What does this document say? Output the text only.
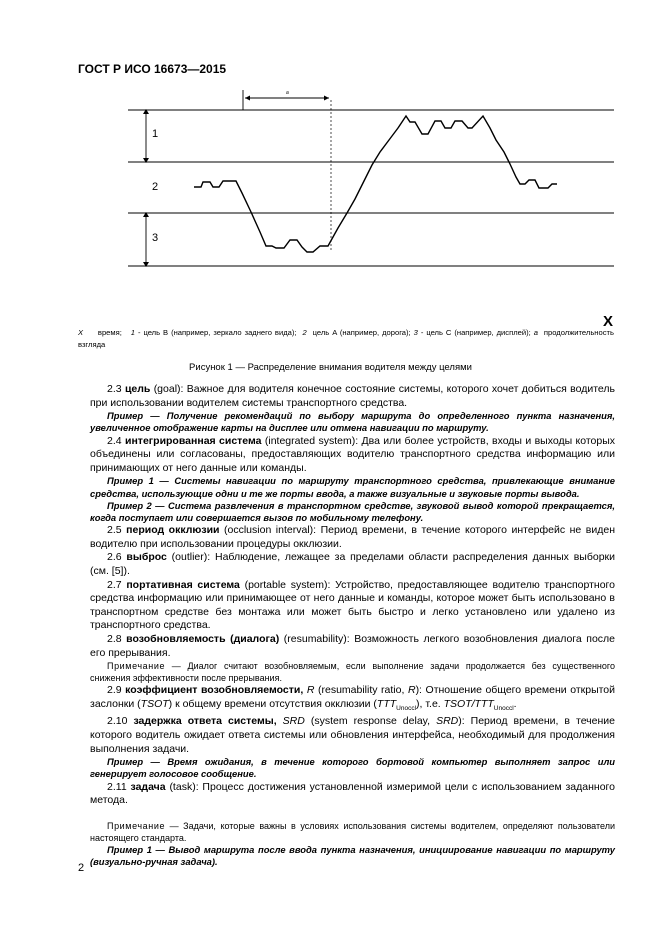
ГОСТ Р ИСО 16673—2015
1
2
3
a
X
X время; 1 - цель B (например, зеркало заднего вида); 2 цель A (например, дорога); 3 - цель C (например, дисплей); a продолжительность взгляда
Рисунок 1 — Распределение внимания водителя между целями

2.3 цель (goal): Важное для водителя конечное состояние системы, которого хочет добиться водитель при использовании водителем системы транспортного средства.

Пример — Получение рекомендаций по выбору маршрута до определенного пункта назначения, увеличенное отображение карты на дисплее или отмена навигации по маршруту.

2.4 интегрированная система (integrated system): Два или более устройств, входы и выходы которых объединены или согласованы, предоставляющих водителю транспортного средства информацию или принимающих от него данные или команды.

Пример 1 — Системы навигации по маршруту транспортного средства, привлекающие внимание средства, использующие одни и те же порты ввода, а также визуальные и звуковые порты вывода.

Пример 2 — Система развлечения в транспортном средстве, звуковой вывод которой прекращается, когда поступает или совершается вызов по мобильному телефону.

2.5 период окклюзии (occlusion interval): Период времени, в течение которого интерфейс не виден водителю при использовании процедуры окклюзии.

2.6 выброс (outlier): Наблюдение, лежащее за пределами области распределения данных выборки (см. [5]).

2.7 портативная система (portable system): Устройство, предоставляющее водителю транспортного средства информацию или принимающее от него данные и команды, которое может быть использовано в транспортном средстве без монтажа или может быть быстро и легко установлено или удалено из транспортного средства.

2.8 возобновляемость (диалога) (resumability): Возможность легкого возобновления диалога после его прерывания.

Примечание — Диалог считают возобновляемым, если выполнение задачи продолжается без существенного снижения эффективности после прерывания.

2.9 коэффициент возобновляемости, R (resumability ratio, R): Отношение общего времени открытой заслонки (TSOT) к общему времени отсутствия окклюзии $(TTT_{Unoccl})$, т.е. TSOT/$TTT_{Unoccl}$.

2.10 задержка ответа системы, SRD (system response delay, SRD): Период времени, в течение которого водитель ожидает ответа системы или обновления интерфейса, необходимый для продолжения выполнения задачи.

Пример — Время ожидания, в течение которого бортовой компьютер выполняет запрос или генерирует голосовое сообщение.

2.11 задача (task): Процесс достижения установленной измеримой цели с использованием заданного метода.

Примечание — Задачи, которые важны в условиях использования системы водителем, определяют пользователи настоящего стандарта.

Пример 1 — Вывод маршрута после ввода пункта назначения, инициирование навигации по маршруту (визуально-ручная задача).

2
